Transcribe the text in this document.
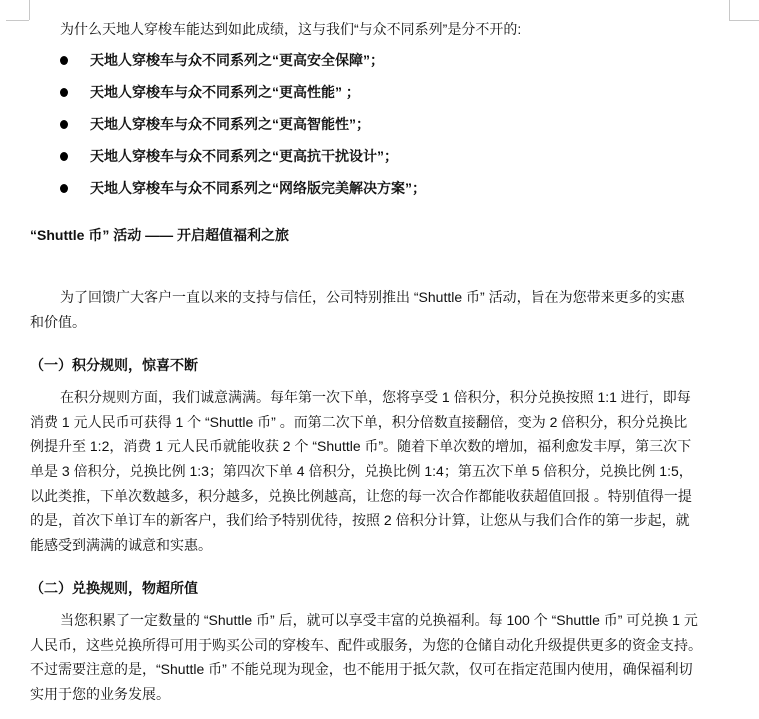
为什么天地人穿梭车能达到如此成绩，这与我们“与众不同系列”是分不开的:
天地人穿梭车与众不同系列之“更高安全保障”；
天地人穿梭车与众不同系列之“更高性能” ；
天地人穿梭车与众不同系列之“更高智能性”；
天地人穿梭车与众不同系列之“更高抗干扰设计”；
天地人穿梭车与众不同系列之“网络版完美解决方案”；
“Shuttle 币” 活动 —— 开启超值福利之旅
为了回馈广大客户一直以来的支持与信任，公司特别推出 “Shuttle 币” 活动，旨在为您带来更多的实惠
和价值。
（一）积分规则，惊喜不断
在积分规则方面，我们诚意满满。每年第一次下单，您将享受 1 倍积分，积分兑换按照 1:1 进行，即每
消费 1 元人民币可获得 1 个 “Shuttle 币” 。而第二次下单，积分倍数直接翻倍，变为 2 倍积分，积分兑换比
例提升至 1:2，消费 1 元人民币就能收获 2 个 “Shuttle 币”。随着下单次数的增加，福利愈发丰厚，第三次下
单是 3 倍积分，兑换比例 1:3；第四次下单 4 倍积分，兑换比例 1:4；第五次下单 5 倍积分，兑换比例 1:5，
以此类推，下单次数越多，积分越多，兑换比例越高，让您的每一次合作都能收获超值回报 。特别值得一提
的是，首次下单订车的新客户，我们给予特别优待，按照 2 倍积分计算，让您从与我们合作的第一步起，就
能感受到满满的诚意和实惠。
（二）兑换规则，物超所值
当您积累了一定数量的 “Shuttle 币” 后，就可以享受丰富的兑换福利。每 100 个 “Shuttle 币” 可兑换 1 元
人民币，这些兑换所得可用于购买公司的穿梭车、配件或服务，为您的仓储自动化升级提供更多的资金支持。
不过需要注意的是，“Shuttle 币” 不能兑现为现金，也不能用于抵欠款，仅可在指定范围内使用，确保福利切
实用于您的业务发展。
